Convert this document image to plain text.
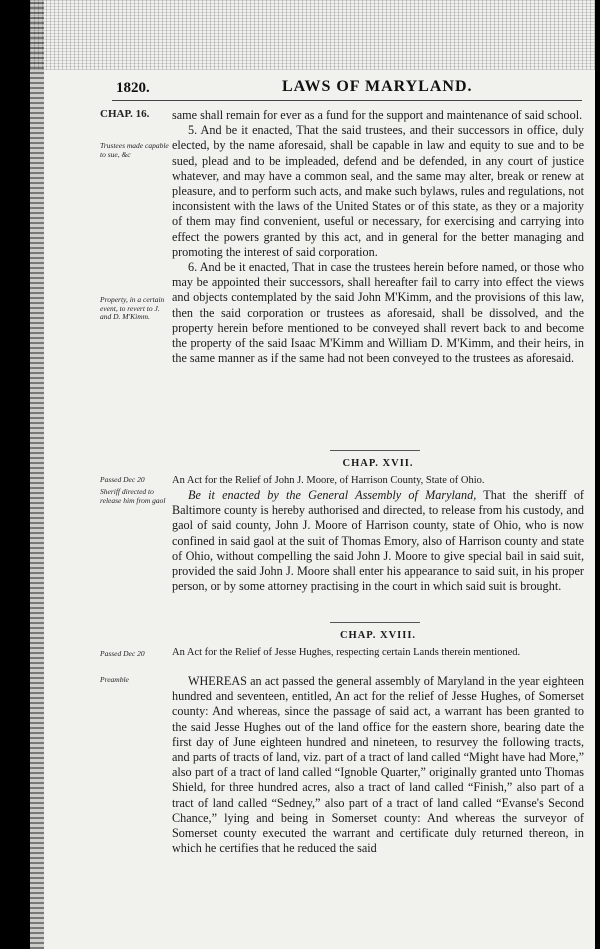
1820.	LAWS OF MARYLAND.
CHAP. 16.
Trustees made capable to sue, &c
Property, in a certain event, to revert to J. and D. M'Kimm.
Passed Dec 20
Sheriff directed to release him from gaol
Passed Dec 20
Preamble

same shall remain for ever as a fund for the support and maintenance of said school.

5. And be it enacted, That the said trustees, and their successors in office, duly elected, by the name aforesaid, shall be capable in law and equity to sue and to be sued, plead and to be impleaded, defend and be defended, in any court of justice whatever, and may have a common seal, and the same may alter, break or renew at pleasure, and to perform such acts, and make such bylaws, rules and regulations, not inconsistent with the laws of the United States or of this state, as they or a majority of them may find convenient, useful or necessary, for exercising and carrying into effect the powers granted by this act, and in general for the better managing and promoting the interest of said corporation.

6. And be it enacted, That in case the trustees herein before named, or those who may be appointed their successors, shall hereafter fail to carry into effect the views and objects contemplated by the said John M'Kimm, and the provisions of this law, then the said corporation or trustees as aforesaid, shall be dissolved, and the property herein before mentioned to be conveyed shall revert back to and become the property of the said Isaac M'Kimm and William D. M'Kimm, and their heirs, in the same manner as if the same had not been conveyed to the trustees as aforesaid.

CHAP. XVII.
An Act for the Relief of John J. Moore, of Harrison County, State of Ohio.

Be it enacted by the General Assembly of Maryland, That the sheriff of Baltimore county is hereby authorised and directed, to release from his custody, and gaol of said county, John J. Moore of Harrison county, state of Ohio, who is now confined in said gaol at the suit of Thomas Emory, also of Harrison county and state of Ohio, without compelling the said John J. Moore to give special bail in said suit, provided the said John J. Moore shall enter his appearance to said suit, in his proper person, or by some attorney practising in the court in which said suit is brought.

CHAP. XVIII.
An Act for the Relief of Jesse Hughes, respecting certain Lands therein mentioned.

WHEREAS an act passed the general assembly of Maryland in the year eighteen hundred and seventeen, entitled, An act for the relief of Jesse Hughes, of Somerset county: And whereas, since the passage of said act, a warrant has been granted to the said Jesse Hughes out of the land office for the eastern shore, bearing date the first day of June eighteen hundred and nineteen, to resurvey the following tracts, and parts of tracts of land, viz. part of a tract of land called “Might have had More,” also part of a tract of land called “Ignoble Quarter,” originally granted unto Thomas Shield, for three hundred acres, also a tract of land called “Finish,” also part of a tract of land called “Sedney,” also part of a tract of land called “Evanse's Second Chance,” lying and being in Somerset county: And whereas the surveyor of Somerset county executed the warrant and certificate duly returned thereon, in which he certifies that he reduced the said
